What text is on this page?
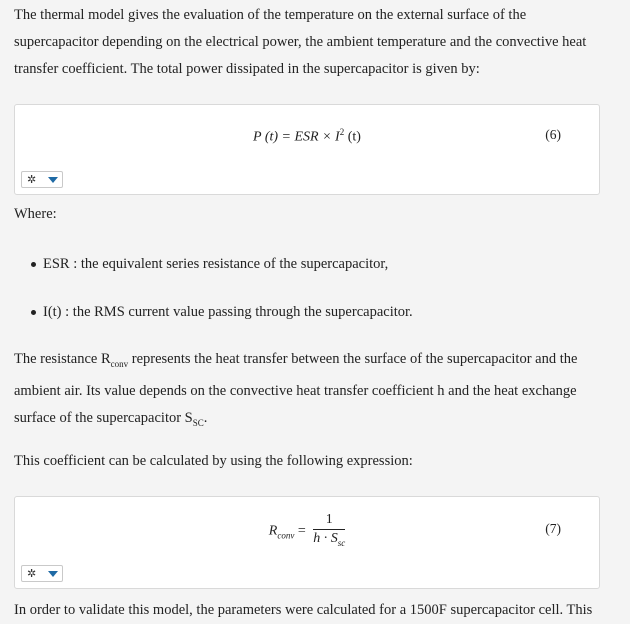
The thermal model gives the evaluation of the temperature on the external surface of the supercapacitor depending on the electrical power, the ambient temperature and the convective heat transfer coefficient. The total power dissipated in the supercapacitor is given by:

P (t) = ESR × $I^2$ (t)	(6)
✲

Where:

ESR : the equivalent series resistance of the supercapacitor,
I(t) : the RMS current value passing through the supercapacitor.

The resistance $R_{conv}$ represents the heat transfer between the surface of the supercapacitor and the ambient air. Its value depends on the convective heat transfer coefficient h and the heat exchange surface of the supercapacitor $S_{SC}$.

This coefficient can be calculated by using the following expression:

$R_{conv} = \frac{1}{h \cdot S_{sc}}$	(7)
✲

In order to validate this model, the parameters were calculated for a 1500F supercapacitor cell. This
